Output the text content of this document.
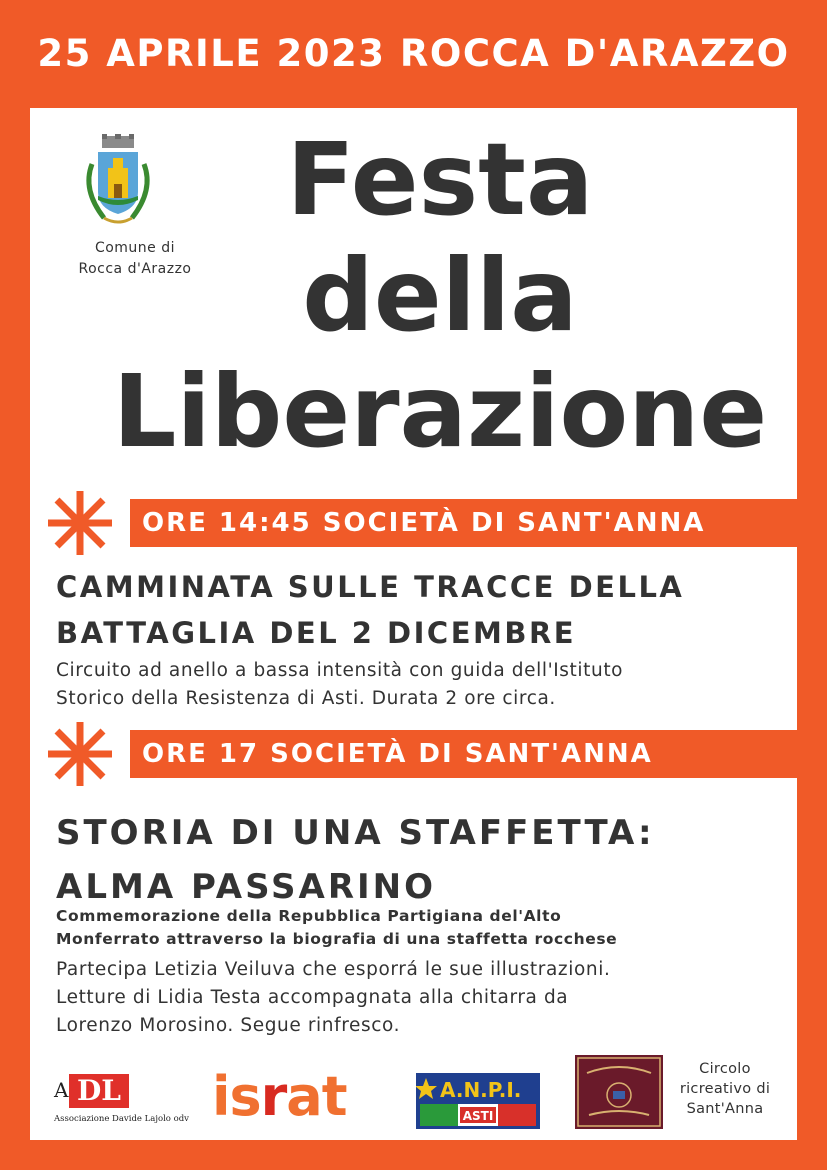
25 APRILE 2023 ROCCA D'ARAZZO
Comune di
Rocca d'Arazzo
Festa
della
Liberazione
ORE 14:45 SOCIETÀ DI SANT'ANNA
CAMMINATA SULLE TRACCE DELLA
BATTAGLIA DEL 2 DICEMBRE
Circuito ad anello a bassa intensità con guida dell'Istituto
Storico della Resistenza di Asti. Durata 2 ore circa.
ORE 17 SOCIETÀ DI SANT'ANNA
STORIA DI UNA STAFFETTA:
ALMA PASSARINO
Commemorazione della Repubblica Partigiana del'Alto
Monferrato attraverso la biografia di una staffetta rocchese
Partecipa Letizia Veiluva che esporrá le sue illustrazioni.
Letture di Lidia Testa accompagnata alla chitarra da
Lorenzo Morosino. Segue rinfresco.
A DL
Associazione Davide Lajolo odv israt	A.N.P.I.
ASTI
Circolo
ricreativo di
Sant'Anna
